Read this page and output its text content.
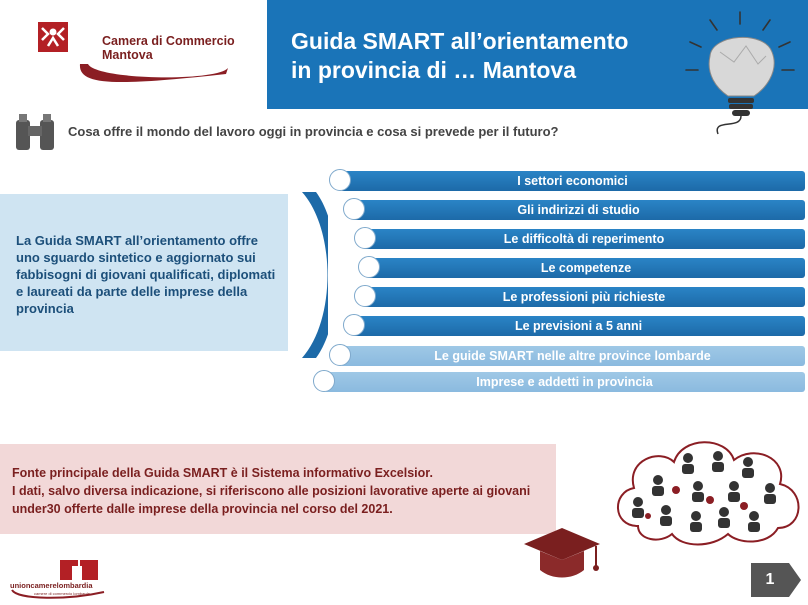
Camera di Commercio
Mantova
Guida SMART all’orientamento
in provincia di … Mantova
Cosa offre il mondo del lavoro oggi in provincia e cosa si prevede per il futuro?
La Guida SMART all’orientamento offre uno sguardo sintetico e aggiornato sui fabbisogni di giovani qualificati, diplomati e laureati da parte delle imprese della provincia
I settori economici
Gli indirizzi di studio
Le difficoltà di reperimento
Le competenze
Le professioni più richieste
Le previsioni a 5 anni
Le guide SMART nelle altre province lombarde
Imprese e addetti in provincia
Fonte principale della Guida SMART è il Sistema informativo Excelsior.
I dati, salvo diversa indicazione, si riferiscono alle posizioni lavorative aperte ai giovani under30 offerte dalle imprese della provincia nel corso del 2021.
unioncamerelombardia
camere di commercio lombarde
1
